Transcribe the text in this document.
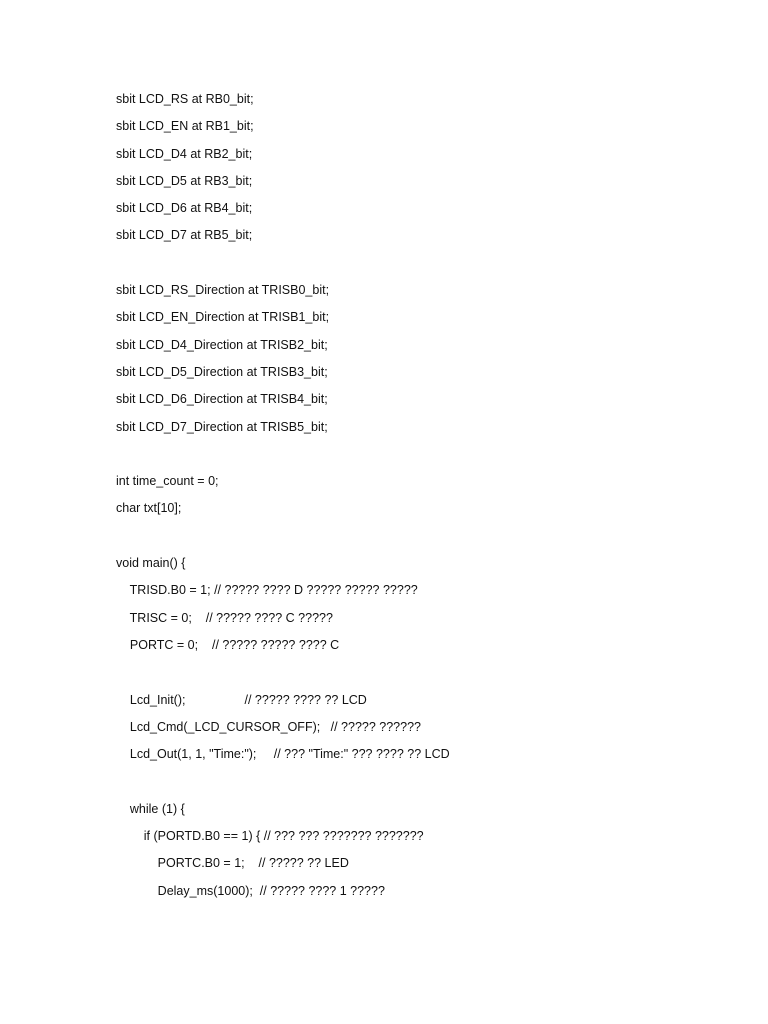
sbit LCD_RS at RB0_bit;
sbit LCD_EN at RB1_bit;
sbit LCD_D4 at RB2_bit;
sbit LCD_D5 at RB3_bit;
sbit LCD_D6 at RB4_bit;
sbit LCD_D7 at RB5_bit;
sbit LCD_RS_Direction at TRISB0_bit;
sbit LCD_EN_Direction at TRISB1_bit;
sbit LCD_D4_Direction at TRISB2_bit;
sbit LCD_D5_Direction at TRISB3_bit;
sbit LCD_D6_Direction at TRISB4_bit;
sbit LCD_D7_Direction at TRISB5_bit;
int time_count = 0;
char txt[10];
void main() {
TRISD.B0 = 1; // ????? ???? D ????? ????? ?????
TRISC = 0;    // ????? ???? C ?????
PORTC = 0;    // ????? ????? ???? C
Lcd_Init();                 // ????? ???? ?? LCD
Lcd_Cmd(_LCD_CURSOR_OFF);   // ????? ??????
Lcd_Out(1, 1, "Time:");     // ??? "Time:" ??? ???? ?? LCD
while (1) {
if (PORTD.B0 == 1) { // ??? ??? ??????? ???????
PORTC.B0 = 1;    // ????? ?? LED
Delay_ms(1000);  // ????? ???? 1 ?????
